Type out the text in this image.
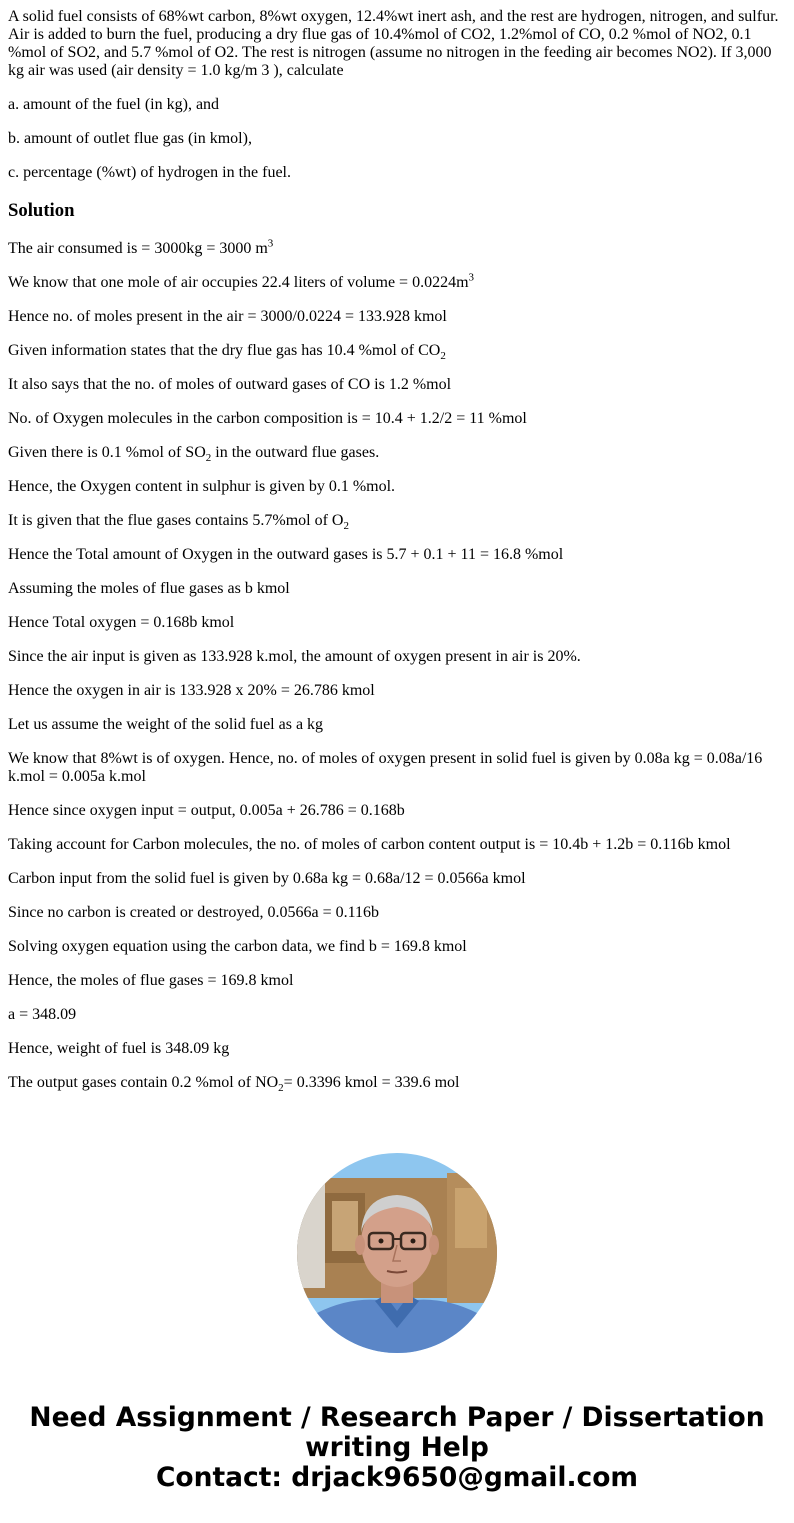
A solid fuel consists of 68%wt carbon, 8%wt oxygen, 12.4%wt inert ash, and the rest are hydrogen, nitrogen, and sulfur. Air is added to burn the fuel, producing a dry flue gas of 10.4%mol of CO2, 1.2%mol of CO, 0.2 %mol of NO2, 0.1 %mol of SO2, and 5.7 %mol of O2. The rest is nitrogen (assume no nitrogen in the feeding air becomes NO2). If 3,000 kg air was used (air density = 1.0 kg/m 3 ), calculate
a. amount of the fuel (in kg), and
b. amount of outlet flue gas (in kmol),
c. percentage (%wt) of hydrogen in the fuel.
Solution
The air consumed is = 3000kg = 3000 $m^3$
We know that one mole of air occupies 22.4 liters of volume = $0.0224m^3$
Hence no. of moles present in the air = 3000/0.0224 = 133.928 kmol
Given information states that the dry flue gas has 10.4 %mol of $CO_2$
It also says that the no. of moles of outward gases of CO is 1.2 %mol
No. of Oxygen molecules in the carbon composition is = 10.4 + 1.2/2 = 11 %mol
Given there is 0.1 %mol of $SO_2$ in the outward flue gases.
Hence, the Oxygen content in sulphur is given by 0.1 %mol.
It is given that the flue gases contains 5.7%mol of $O_2$
Hence the Total amount of Oxygen in the outward gases is 5.7 + 0.1 + 11 = 16.8 %mol
Assuming the moles of flue gases as b kmol
Hence Total oxygen = 0.168b kmol
Since the air input is given as 133.928 k.mol, the amount of oxygen present in air is 20%.
Hence the oxygen in air is 133.928 x 20% = 26.786 kmol
Let us assume the weight of the solid fuel as a kg
We know that 8%wt is of oxygen. Hence, no. of moles of oxygen present in solid fuel is given by 0.08a kg = 0.08a/16 k.mol = 0.005a k.mol
Hence since oxygen input = output, 0.005a + 26.786 = 0.168b
Taking account for Carbon molecules, the no. of moles of carbon content output is = 10.4b + 1.2b = 0.116b kmol
Carbon input from the solid fuel is given by 0.68a kg = 0.68a/12 = 0.0566a kmol
Since no carbon is created or destroyed, 0.0566a = 0.116b
Solving oxygen equation using the carbon data, we find b = 169.8 kmol
Hence, the moles of flue gases = 169.8 kmol
a = 348.09
Hence, weight of fuel is 348.09 kg
The output gases contain 0.2 %mol of $NO_2= 0.3396$ kmol = 339.6 mol
Need Assignment / Research Paper / Dissertation
writing Help
Contact: drjack9650@gmail.com
